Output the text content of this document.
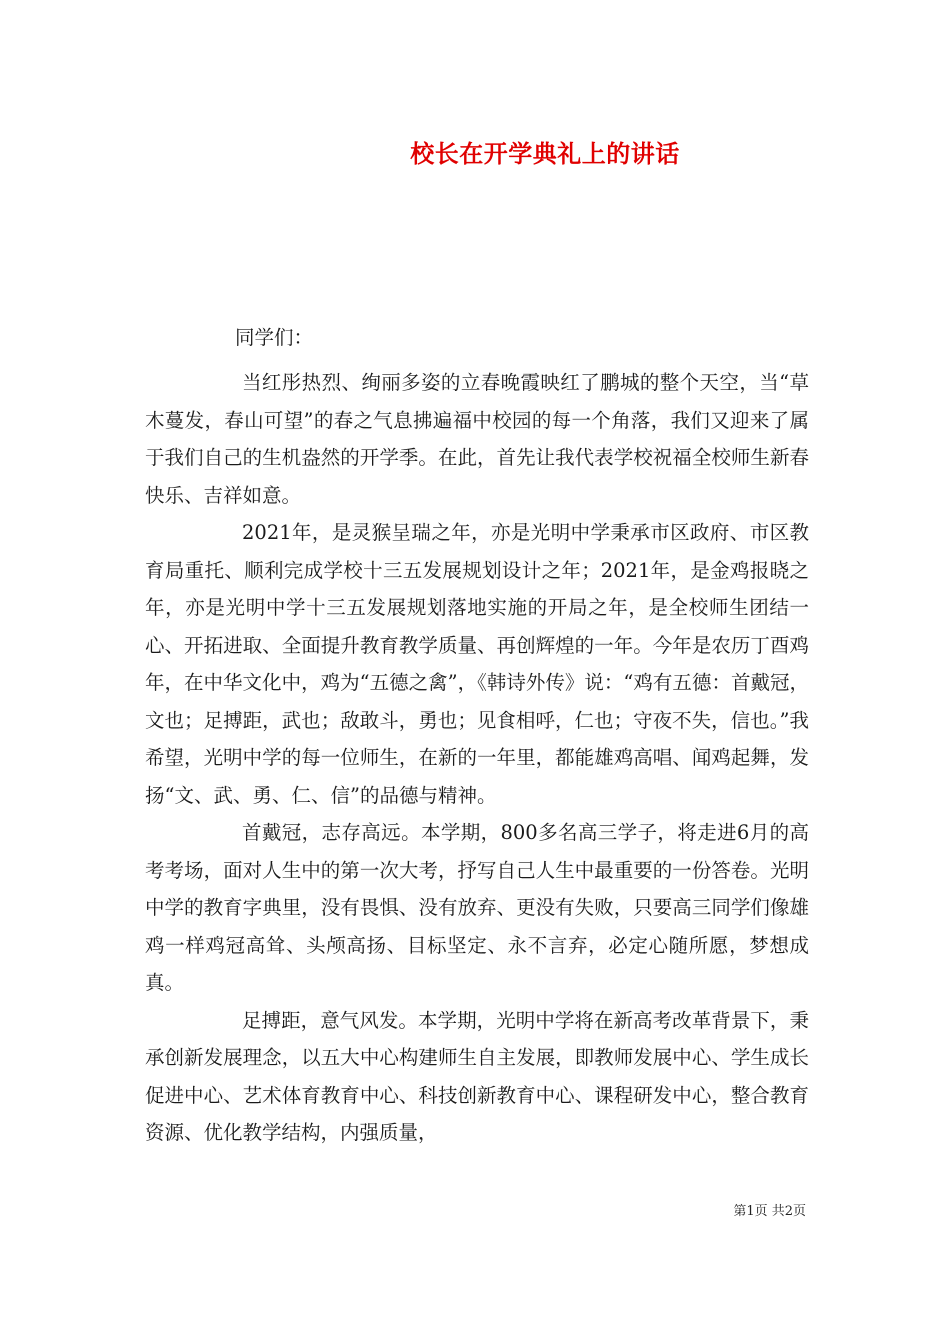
校长在开学典礼上的讲话

同学们：

当红彤热烈、绚丽多姿的立春晚霞映红了鹏城的整个天空，当“草木蔓发，春山可望”的春之气息拂遍福中校园的每一个角落，我们又迎来了属于我们自己的生机盎然的开学季。在此，首先让我代表学校祝福全校师生新春快乐、吉祥如意。

2021年，是灵猴呈瑞之年，亦是光明中学秉承市区政府、市区教育局重托、顺利完成学校十三五发展规划设计之年；2021年，是金鸡报晓之年，亦是光明中学十三五发展规划落地实施的开局之年，是全校师生团结一心、开拓进取、全面提升教育教学质量、再创辉煌的一年。今年是农历丁酉鸡年，在中华文化中，鸡为“五德之禽”，《韩诗外传》说：“鸡有五德：首戴冠，文也；足搏距，武也；敌敢斗，勇也；见食相呼，仁也；守夜不失，信也。”我希望，光明中学的每一位师生，在新的一年里，都能雄鸡高唱、闻鸡起舞，发扬“文、武、勇、仁、信”的品德与精神。

首戴冠，志存高远。本学期，800多名高三学子，将走进6月的高考考场，面对人生中的第一次大考，抒写自己人生中最重要的一份答卷。光明中学的教育字典里，没有畏惧、没有放弃、更没有失败，只要高三同学们像雄鸡一样鸡冠高耸、头颅高扬、目标坚定、永不言弃，必定心随所愿，梦想成真。

足搏距，意气风发。本学期，光明中学将在新高考改革背景下，秉承创新发展理念，以五大中心构建师生自主发展，即教师发展中心、学生成长促进中心、艺术体育教育中心、科技创新教育中心、课程研发中心，整合教育资源、优化教学结构，内强质量，

第1页 共2页
